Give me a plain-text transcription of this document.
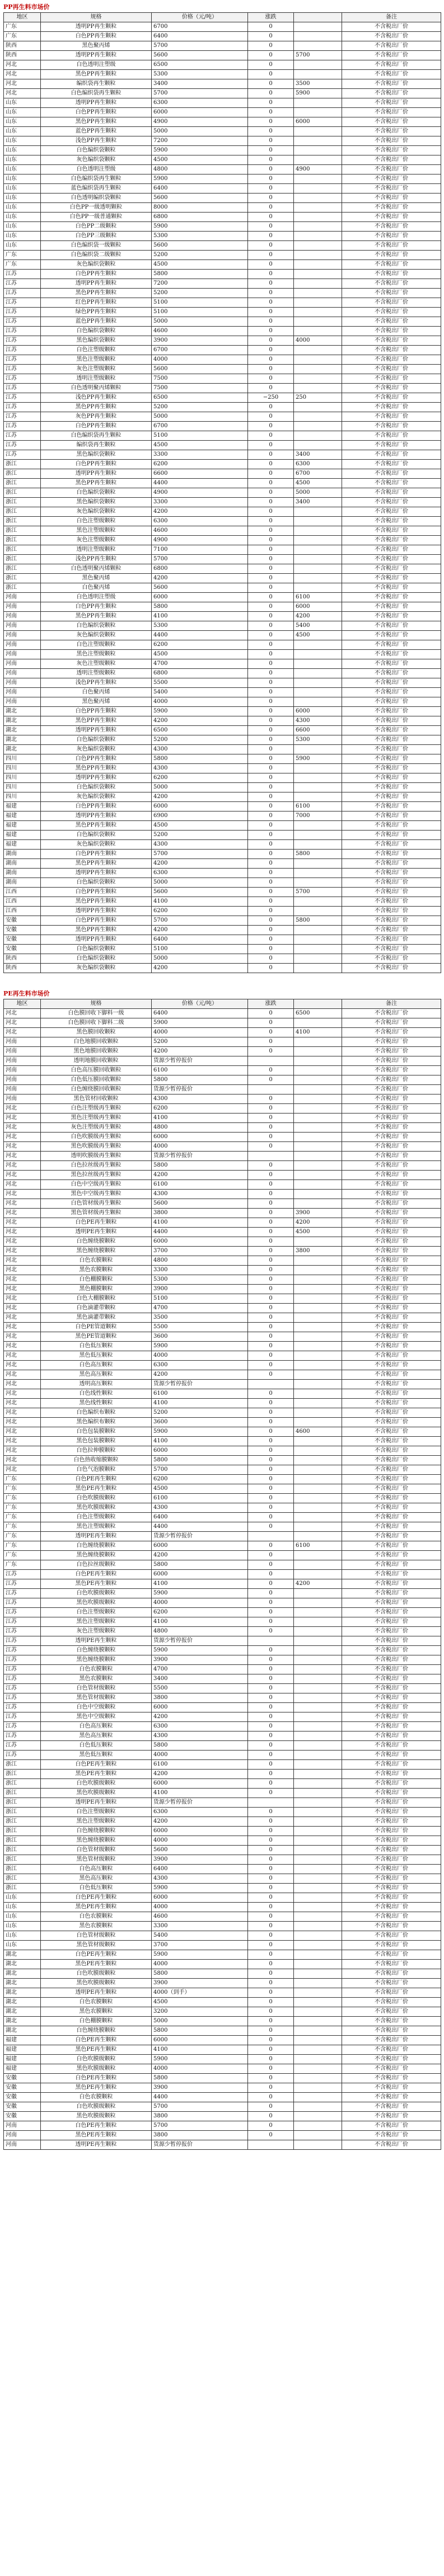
PP再生料市场价
地区	规格	价格（元/吨）	涨跌		备注
广东	透明PP再生颗粒	6700	0		不含税出厂价
广东	白色PP再生颗粒	6400	0		不含税出厂价
陕西	黑色聚丙烯	5700	0		不含税出厂价
陕西	透明PP再生颗粒	5600	0	5700	不含税出厂价
河北	白色透明注塑级	6500	0		不含税出厂价
河北	黑色PP再生颗粒	5300	0		不含税出厂价
河北	编织袋再生颗粒	3400	0	3500	不含税出厂价
河北	白色编织袋再生颗粒	5700	0	5900	不含税出厂价
山东	透明PP再生颗粒	6300	0		不含税出厂价
山东	白色PP再生颗粒	6000	0		不含税出厂价
山东	黑色PP再生颗粒	4900	0	6000	不含税出厂价
山东	蓝色PP再生颗粒	5000	0		不含税出厂价
山东	浅色PP再生颗粒	7200	0		不含税出厂价
山东	白色编织袋颗粒	5900	0		不含税出厂价
山东	灰色编织袋颗粒	4500	0		不含税出厂价
山东	白色透明注塑级	4800	0	4900	不含税出厂价
山东	白色编织袋再生颗粒	5900	0		不含税出厂价
山东	蓝色编织袋再生颗粒	6400	0		不含税出厂价
山东	白色透明编织袋颗粒	5600	0		不含税出厂价
山东	白色PP一级透明颗粒	8000	0		不含税出厂价
山东	白色PP一级普通颗粒	6800	0		不含税出厂价
山东	白色PP二级颗粒	5900	0		不含税出厂价
山东	白色PP三级颗粒	5300	0		不含税出厂价
山东	白色编织袋一级颗粒	5600	0		不含税出厂价
广东	白色编织袋二级颗粒	5200	0		不含税出厂价
广东	灰色编织袋颗粒	4500	0		不含税出厂价
江苏	白色PP再生颗粒	5800	0		不含税出厂价
江苏	透明PP再生颗粒	7200	0		不含税出厂价
江苏	黑色PP再生颗粒	5200	0		不含税出厂价
江苏	红色PP再生颗粒	5100	0		不含税出厂价
江苏	绿色PP再生颗粒	5100	0		不含税出厂价
江苏	蓝色PP再生颗粒	5000	0		不含税出厂价
江苏	白色编织袋颗粒	4600	0		不含税出厂价
江苏	黑色编织袋颗粒	3900	0	4000	不含税出厂价
江苏	白色注塑级颗粒	6700	0		不含税出厂价
江苏	黑色注塑级颗粒	4000	0		不含税出厂价
江苏	灰色注塑级颗粒	5600	0		不含税出厂价
江苏	透明注塑级颗粒	7500	0		不含税出厂价
江苏	白色透明聚丙烯颗粒	7500	0		不含税出厂价
江苏	浅色PP再生颗粒	6500	−250	250	不含税出厂价
江苏	黑色PP再生颗粒	5200	0		不含税出厂价
江苏	灰色PP再生颗粒	5000	0		不含税出厂价
江苏	白色PP再生颗粒	6700	0		不含税出厂价
江苏	白色编织袋再生颗粒	5100	0		不含税出厂价
江苏	编织袋再生颗粒	4500	0		不含税出厂价
江苏	黑色编织袋颗粒	3300	0	3400	不含税出厂价
浙江	白色PP再生颗粒	6200	0	6300	不含税出厂价
浙江	透明PP再生颗粒	6600	0	6700	不含税出厂价
浙江	黑色PP再生颗粒	4400	0	4500	不含税出厂价
浙江	白色编织袋颗粒	4900	0	5000	不含税出厂价
浙江	黑色编织袋颗粒	3300	0	3400	不含税出厂价
浙江	灰色编织袋颗粒	4200	0		不含税出厂价
浙江	白色注塑级颗粒	6300	0		不含税出厂价
浙江	黑色注塑级颗粒	4600	0		不含税出厂价
浙江	灰色注塑级颗粒	4900	0		不含税出厂价
浙江	透明注塑级颗粒	7100	0		不含税出厂价
浙江	浅色PP再生颗粒	5700	0		不含税出厂价
浙江	白色透明聚丙烯颗粒	6800	0		不含税出厂价
浙江	黑色聚丙烯	4200	0		不含税出厂价
浙江	白色聚丙烯	5600	0		不含税出厂价
河南	白色透明注塑级	6000	0	6100	不含税出厂价
河南	白色PP再生颗粒	5800	0	6000	不含税出厂价
河南	黑色PP再生颗粒	4100	0	4200	不含税出厂价
河南	白色编织袋颗粒	5300	0	5400	不含税出厂价
河南	灰色编织袋颗粒	4400	0	4500	不含税出厂价
河南	白色注塑级颗粒	6200	0		不含税出厂价
河南	黑色注塑级颗粒	4500	0		不含税出厂价
河南	灰色注塑级颗粒	4700	0		不含税出厂价
河南	透明注塑级颗粒	6800	0		不含税出厂价
河南	浅色PP再生颗粒	5500	0		不含税出厂价
河南	白色聚丙烯	5400	0		不含税出厂价
河南	黑色聚丙烯	4000	0		不含税出厂价
湖北	白色PP再生颗粒	5900	0	6000	不含税出厂价
湖北	黑色PP再生颗粒	4200	0	4300	不含税出厂价
湖北	透明PP再生颗粒	6500	0	6600	不含税出厂价
湖北	白色编织袋颗粒	5200	0	5300	不含税出厂价
湖北	灰色编织袋颗粒	4300	0		不含税出厂价
四川	白色PP再生颗粒	5800	0	5900	不含税出厂价
四川	黑色PP再生颗粒	4300	0		不含税出厂价
四川	透明PP再生颗粒	6200	0		不含税出厂价
四川	白色编织袋颗粒	5000	0		不含税出厂价
四川	灰色编织袋颗粒	4200	0		不含税出厂价
福建	白色PP再生颗粒	6000	0	6100	不含税出厂价
福建	透明PP再生颗粒	6900	0	7000	不含税出厂价
福建	黑色PP再生颗粒	4500	0		不含税出厂价
福建	白色编织袋颗粒	5200	0		不含税出厂价
福建	灰色编织袋颗粒	4300	0		不含税出厂价
湖南	白色PP再生颗粒	5700	0	5800	不含税出厂价
湖南	黑色PP再生颗粒	4200	0		不含税出厂价
湖南	透明PP再生颗粒	6300	0		不含税出厂价
湖南	白色编织袋颗粒	5000	0		不含税出厂价
江西	白色PP再生颗粒	5600	0	5700	不含税出厂价
江西	黑色PP再生颗粒	4100	0		不含税出厂价
江西	透明PP再生颗粒	6200	0		不含税出厂价
安徽	白色PP再生颗粒	5700	0	5800	不含税出厂价
安徽	黑色PP再生颗粒	4200	0		不含税出厂价
安徽	透明PP再生颗粒	6400	0		不含税出厂价
安徽	白色编织袋颗粒	5100	0		不含税出厂价
陕西	白色编织袋颗粒	5000	0		不含税出厂价
陕西	灰色编织袋颗粒	4200	0		不含税出厂价
PE再生料市场价
地区	规格	价格（元/吨）	涨跌		备注
河北	白色膜回收下脚料一级	6400	0	6500	不含税出厂价
河北	白色膜回收下脚料二级	5900	0		不含税出厂价
河北	黑色膜回收颗粒	4000	0	4100	不含税出厂价
河南	白色地膜回收颗粒	5200	0		不含税出厂价
河南	黑色地膜回收颗粒	4200	0		不含税出厂价
河南	透明地膜回收颗粒	货源少暂停报价			不含税出厂价
河南	白色高压膜回收颗粒	6100	0		不含税出厂价
河南	白色低压膜回收颗粒	5800	0		不含税出厂价
河南	白色缠绕膜回收颗粒	货源少暂停报价			不含税出厂价
河南	黑色管材回收颗粒	4300	0		不含税出厂价
河北	白色注塑级再生颗粒	6200	0		不含税出厂价
河北	黑色注塑级再生颗粒	4100	0		不含税出厂价
河北	灰色注塑级再生颗粒	4800	0		不含税出厂价
河北	白色吹膜级再生颗粒	6000	0		不含税出厂价
河北	黑色吹膜级再生颗粒	4000	0		不含税出厂价
河北	透明吹膜级再生颗粒	货源少暂停报价			不含税出厂价
河北	白色拉丝级再生颗粒	5800	0		不含税出厂价
河北	黑色拉丝级再生颗粒	4200	0		不含税出厂价
河北	白色中空级再生颗粒	6100	0		不含税出厂价
河北	黑色中空级再生颗粒	4300	0		不含税出厂价
河北	白色管材级再生颗粒	5600	0		不含税出厂价
河北	黑色管材级再生颗粒	3800	0	3900	不含税出厂价
河北	白色PE再生颗粒	4100	0	4200	不含税出厂价
河北	透明PE再生颗粒	4400	0	4500	不含税出厂价
河北	白色缠绕膜颗粒	6000	0		不含税出厂价
河北	黑色缠绕膜颗粒	3700	0	3800	不含税出厂价
河北	白色农膜颗粒	4800	0		不含税出厂价
河北	黑色农膜颗粒	3300	0		不含税出厂价
河北	白色棚膜颗粒	5300	0		不含税出厂价
河北	黑色棚膜颗粒	3900	0		不含税出厂价
河北	白色大棚膜颗粒	5100	0		不含税出厂价
河北	白色滴灌带颗粒	4700	0		不含税出厂价
河北	黑色滴灌带颗粒	3500	0		不含税出厂价
河北	白色PE管道颗粒	5500	0		不含税出厂价
河北	黑色PE管道颗粒	3600	0		不含税出厂价
河北	白色低压颗粒	5900	0		不含税出厂价
河北	黑色低压颗粒	4000	0		不含税出厂价
河北	白色高压颗粒	6300	0		不含税出厂价
河北	黑色高压颗粒	4200	0		不含税出厂价
河北	透明高压颗粒	货源少暂停报价			不含税出厂价
河北	白色线性颗粒	6100	0		不含税出厂价
河北	黑色线性颗粒	4100	0		不含税出厂价
河北	白色编织布颗粒	5200	0		不含税出厂价
河北	黑色编织布颗粒	3600	0		不含税出厂价
河北	白色包装膜颗粒	5900	0	4600	不含税出厂价
河北	黑色包装膜颗粒	4100	0		不含税出厂价
河北	白色拉伸膜颗粒	6000	0		不含税出厂价
河北	白色热收缩膜颗粒	5800	0		不含税出厂价
河北	白色气泡膜颗粒	5700	0		不含税出厂价
广东	白色PE再生颗粒	6200	0		不含税出厂价
广东	黑色PE再生颗粒	4500	0		不含税出厂价
广东	白色吹膜级颗粒	6100	0		不含税出厂价
广东	黑色吹膜级颗粒	4300	0		不含税出厂价
广东	白色注塑级颗粒	6400	0		不含税出厂价
广东	黑色注塑级颗粒	4400	0		不含税出厂价
广东	透明PE再生颗粒	货源少暂停报价			不含税出厂价
广东	白色缠绕膜颗粒	6000	0	6100	不含税出厂价
广东	黑色缠绕膜颗粒	4200	0		不含税出厂价
广东	白色拉丝级颗粒	5800	0		不含税出厂价
江苏	白色PE再生颗粒	6000	0		不含税出厂价
江苏	黑色PE再生颗粒	4100	0	4200	不含税出厂价
江苏	白色吹膜级颗粒	5900	0		不含税出厂价
江苏	黑色吹膜级颗粒	4000	0		不含税出厂价
江苏	白色注塑级颗粒	6200	0		不含税出厂价
江苏	黑色注塑级颗粒	4100	0		不含税出厂价
江苏	灰色注塑级颗粒	4800	0		不含税出厂价
江苏	透明PE再生颗粒	货源少暂停报价			不含税出厂价
江苏	白色缠绕膜颗粒	5900	0		不含税出厂价
江苏	黑色缠绕膜颗粒	3900	0		不含税出厂价
江苏	白色农膜颗粒	4700	0		不含税出厂价
江苏	黑色农膜颗粒	3400	0		不含税出厂价
江苏	白色管材级颗粒	5500	0		不含税出厂价
江苏	黑色管材级颗粒	3800	0		不含税出厂价
江苏	白色中空级颗粒	6000	0		不含税出厂价
江苏	黑色中空级颗粒	4200	0		不含税出厂价
江苏	白色高压颗粒	6300	0		不含税出厂价
江苏	黑色高压颗粒	4300	0		不含税出厂价
江苏	白色低压颗粒	5800	0		不含税出厂价
江苏	黑色低压颗粒	4000	0		不含税出厂价
浙江	白色PE再生颗粒	6100	0		不含税出厂价
浙江	黑色PE再生颗粒	4200	0		不含税出厂价
浙江	白色吹膜级颗粒	6000	0		不含税出厂价
浙江	黑色吹膜级颗粒	4100	0		不含税出厂价
浙江	透明PE再生颗粒	货源少暂停报价			不含税出厂价
浙江	白色注塑级颗粒	6300	0		不含税出厂价
浙江	黑色注塑级颗粒	4200	0		不含税出厂价
浙江	白色缠绕膜颗粒	6000	0		不含税出厂价
浙江	黑色缠绕膜颗粒	4000	0		不含税出厂价
浙江	白色管材级颗粒	5600	0		不含税出厂价
浙江	黑色管材级颗粒	3900	0		不含税出厂价
浙江	白色高压颗粒	6400	0		不含税出厂价
浙江	黑色高压颗粒	4300	0		不含税出厂价
浙江	白色低压颗粒	5900	0		不含税出厂价
山东	白色PE再生颗粒	6000	0		不含税出厂价
山东	黑色PE再生颗粒	4000	0		不含税出厂价
山东	白色农膜颗粒	4600	0		不含税出厂价
山东	黑色农膜颗粒	3300	0		不含税出厂价
山东	白色管材级颗粒	5400	0		不含税出厂价
山东	黑色管材级颗粒	3700	0		不含税出厂价
湖北	白色PE再生颗粒	5900	0		不含税出厂价
湖北	黑色PE再生颗粒	4000	0		不含税出厂价
湖北	白色吹膜级颗粒	5800	0		不含税出厂价
湖北	黑色吹膜级颗粒	3900	0		不含税出厂价
湖北	透明PE再生颗粒	4000（到手）	0		不含税出厂价
湖北	白色农膜颗粒	4500	0		不含税出厂价
湖北	黑色农膜颗粒	3200	0		不含税出厂价
湖北	白色棚膜颗粒	5000	0		不含税出厂价
湖北	白色缠绕膜颗粒	5800	0		不含税出厂价
福建	白色PE再生颗粒	6000	0		不含税出厂价
福建	黑色PE再生颗粒	4100	0		不含税出厂价
福建	白色吹膜级颗粒	5900	0		不含税出厂价
福建	黑色吹膜级颗粒	4000	0		不含税出厂价
安徽	白色PE再生颗粒	5800	0		不含税出厂价
安徽	黑色PE再生颗粒	3900	0		不含税出厂价
安徽	白色农膜颗粒	4400	0		不含税出厂价
安徽	白色吹膜级颗粒	5700	0		不含税出厂价
安徽	黑色吹膜级颗粒	3800	0		不含税出厂价
河南	白色PE再生颗粒	5700	0		不含税出厂价
河南	黑色PE再生颗粒	3800	0		不含税出厂价
河南	透明PE再生颗粒	货源少暂停报价			不含税出厂价
